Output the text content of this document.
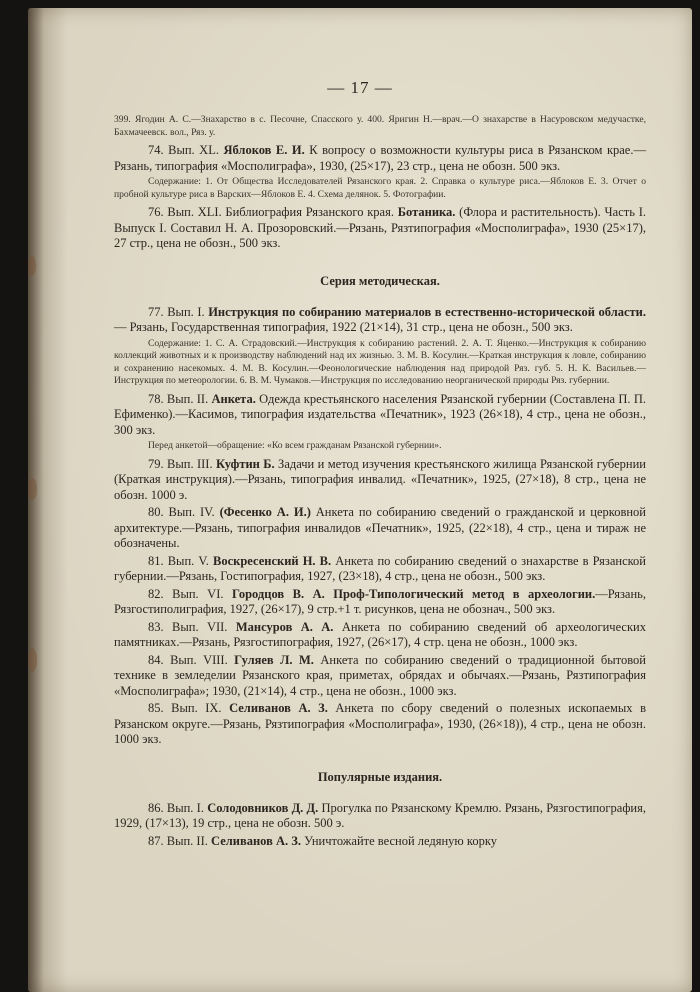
— 17 —

399. Ягодин А. С.—Знахарство в с. Песочне, Спасского у. 400. Яригин Н.—врач.—О знахарстве в Насуровском медучастке, Бахмачеевск. вол., Ряз. у.

74. Вып. XL. Яблоков Е. И. К вопросу о возможности культуры риса в Рязанском крае.—Рязань, типография «Мосполиграфа», 1930, (25×17), 23 стр., цена не обозн. 500 экз.

Содержание: 1. От Общества Исследователей Рязанского края. 2. Справка о культуре риса.—Яблоков Е. 3. Отчет о пробной культуре риса в Варских—Яблоков Е. 4. Схема делянок. 5. Фотографии.

76. Вып. XLI. Библиография Рязанского края. Ботаника. (Флора и растительность). Часть I. Выпуск I. Составил Н. А. Прозоровский.—Рязань, Рязтипография «Мосполиграфа», 1930 (25×17), 27 стр., цена не обозн., 500 экз.

Серия методическая.

77. Вып. I. Инструкция по собиранию материалов в естественно-исторической области.— Рязань, Государственная типография, 1922 (21×14), 31 стр., цена не обозн., 500 экз.

Содержание: 1. С. А. Страдовский.—Инструкция к собиранию растений. 2. А. Т. Яценко.—Инструкция к собиранию коллекций животных и к производству наблюдений над их жизнью. 3. М. В. Косулин.—Краткая инструкция к ловле, собиранию и сохранению насекомых. 4. М. В. Косулин.—Феонологические наблюдения над природой Ряз. губ. 5. Н. К. Васильев.—Инструкция по метеорологии. 6. В. М. Чумаков.—Инструкция по исследованию неорганической природы Ряз. губернии.

78. Вып. II. Анкета. Одежда крестьянского населения Рязанской губернии (Составлена П. П. Ефименко).—Касимов, типография издательства «Печатник», 1923 (26×18), 4 стр., цена не обозн., 300 экз.

Перед анкетой—обращение: «Ко всем гражданам Рязанской губернии».

79. Вып. III. Куфтин Б. Задачи и метод изучения крестьянского жилища Рязанской губернии (Краткая инструкция).—Рязань, типография инвалид. «Печатник», 1925, (27×18), 8 стр., цена не обозн. 1000 э.

80. Вып. IV. (Фесенко А. И.) Анкета по собиранию сведений о гражданской и церковной архитектуре.—Рязань, типография инвалидов «Печатник», 1925, (22×18), 4 стр., цена и тираж не обозначены.

81. Вып. V. Воскресенский Н. В. Анкета по собиранию сведений о знахарстве в Рязанской губернии.—Рязань, Гостипография, 1927, (23×18), 4 стр., цена не обозн., 500 экз.

82. Вып. VI. Городцов В. А. Проф-Типологический метод в археологии.—Рязань, Рязгостиполиграфия, 1927, (26×17), 9 стр.+1 т. рисунков, цена не обознач., 500 экз.

83. Вып. VII. Мансуров А. А. Анкета по собиранию сведений об археологических памятниках.—Рязань, Рязгостипография, 1927, (26×17), 4 стр. цена не обозн., 1000 экз.

84. Вып. VIII. Гуляев Л. М. Анкета по собиранию сведений о традиционной бытовой технике в земледелии Рязанского края, приметах, обрядах и обычаях.—Рязань, Рязтипография «Мосполиграфа»; 1930, (21×14), 4 стр., цена не обозн., 1000 экз.

85. Вып. IX. Селиванов А. З. Анкета по сбору сведений о полезных ископаемых в Рязанском округе.—Рязань, Рязтипография «Мосполиграфа», 1930, (26×18)), 4 стр., цена не обозн. 1000 экз.

Популярные издания.

86. Вып. I. Солодовников Д. Д. Прогулка по Рязанскому Кремлю. Рязань, Рязгостипография, 1929, (17×13), 19 стр., цена не обозн. 500 э.

87. Вып. II. Селиванов А. З. Уничтожайте весной ледяную корку
